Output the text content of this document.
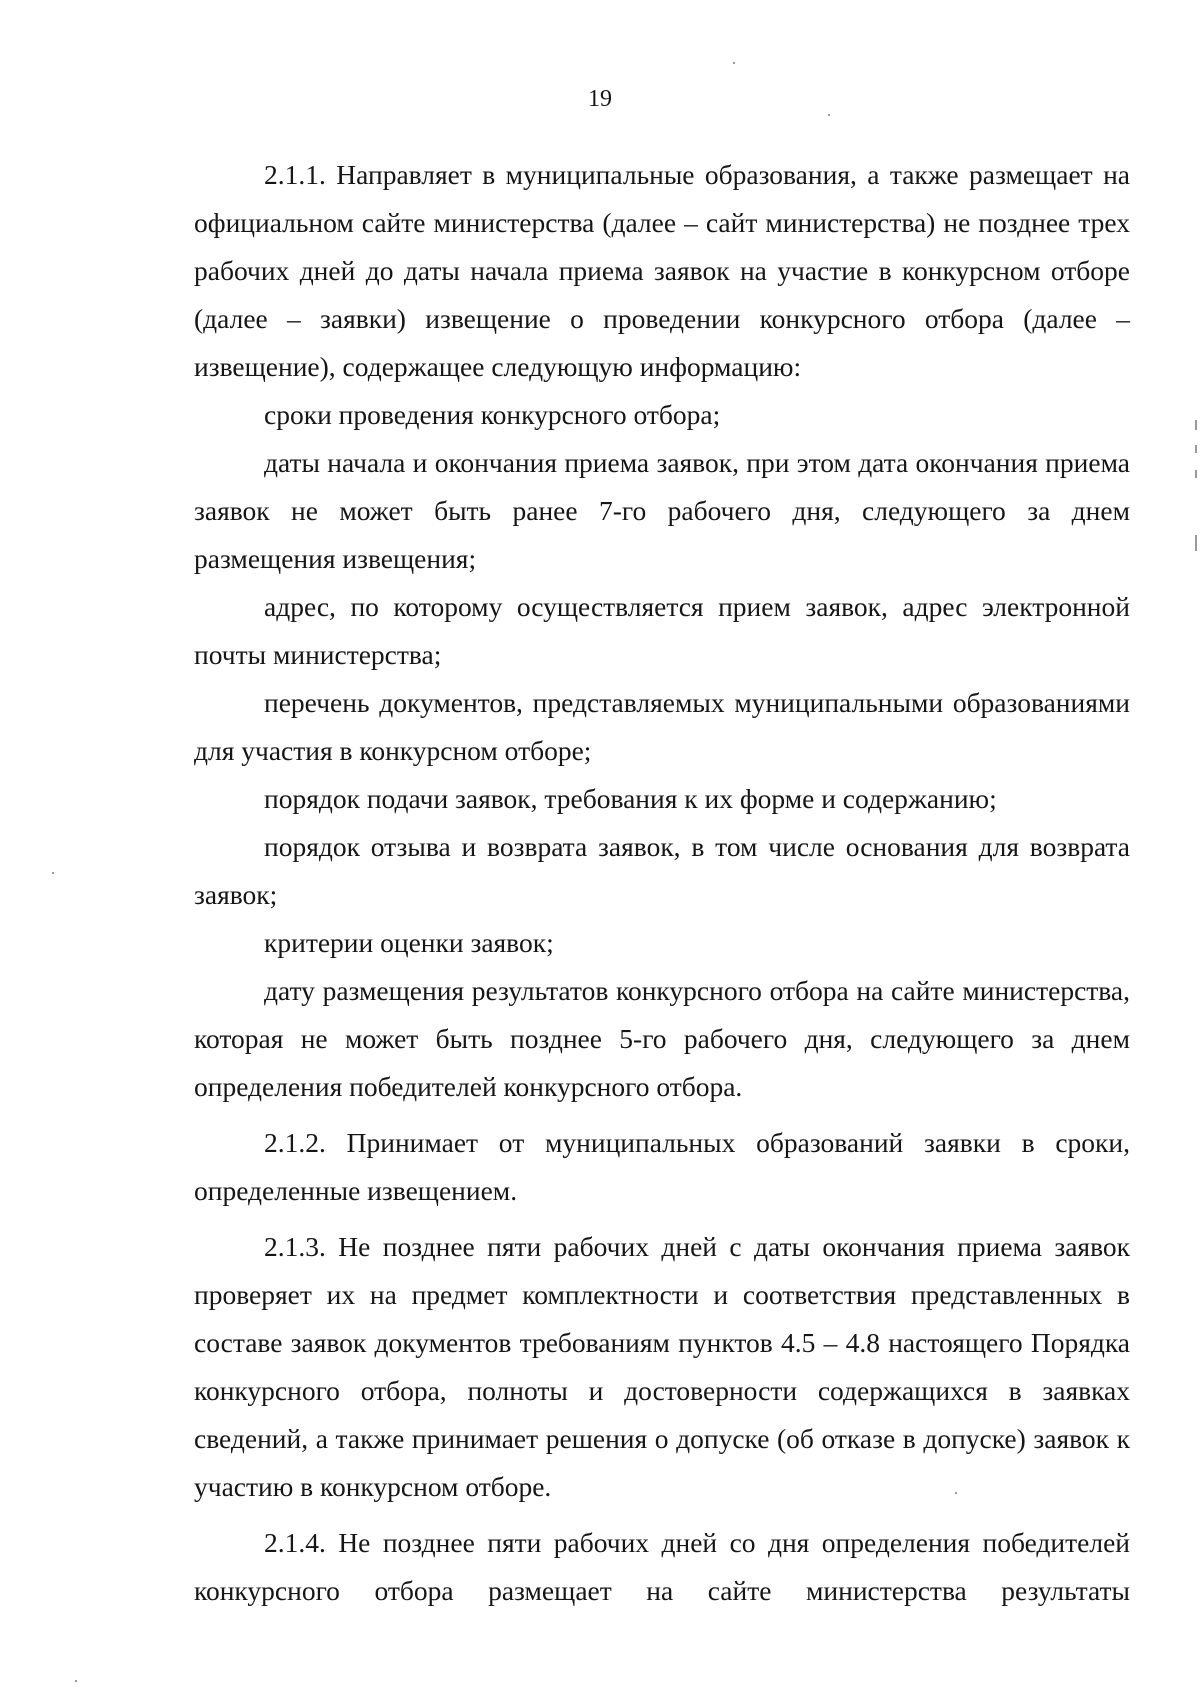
19

2.1.1. Направляет в муниципальные образования, а также размещает на официальном сайте министерства (далее – сайт министерства) не позднее трех рабочих дней до даты начала приема заявок на участие в конкурсном отборе (далее – заявки) извещение о проведении конкурсного отбора (далее – извещение), содержащее следующую информацию:

сроки проведения конкурсного отбора;

даты начала и окончания приема заявок, при этом дата окончания приема заявок не может быть ранее 7-го рабочего дня, следующего за днем размещения извещения;

адрес, по которому осуществляется прием заявок, адрес электронной почты министерства;

перечень документов, представляемых муниципальными образованиями для участия в конкурсном отборе;

порядок подачи заявок, требования к их форме и содержанию;

порядок отзыва и возврата заявок, в том числе основания для возврата заявок;

критерии оценки заявок;

дату размещения результатов конкурсного отбора на сайте министерства, которая не может быть позднее 5-го рабочего дня, следующего за днем определения победителей конкурсного отбора.

2.1.2. Принимает от муниципальных образований заявки в сроки, определенные извещением.

2.1.3. Не позднее пяти рабочих дней с даты окончания приема заявок проверяет их на предмет комплектности и соответствия представленных в составе заявок документов требованиям пунктов 4.5 – 4.8 настоящего Порядка конкурсного отбора, полноты и достоверности содержащихся в заявках сведений, а также принимает решения о допуске (об отказе в допуске) заявок к участию в конкурсном отборе.

2.1.4. Не позднее пяти рабочих дней со дня определения победителей конкурсного отбора размещает на сайте министерства результаты
